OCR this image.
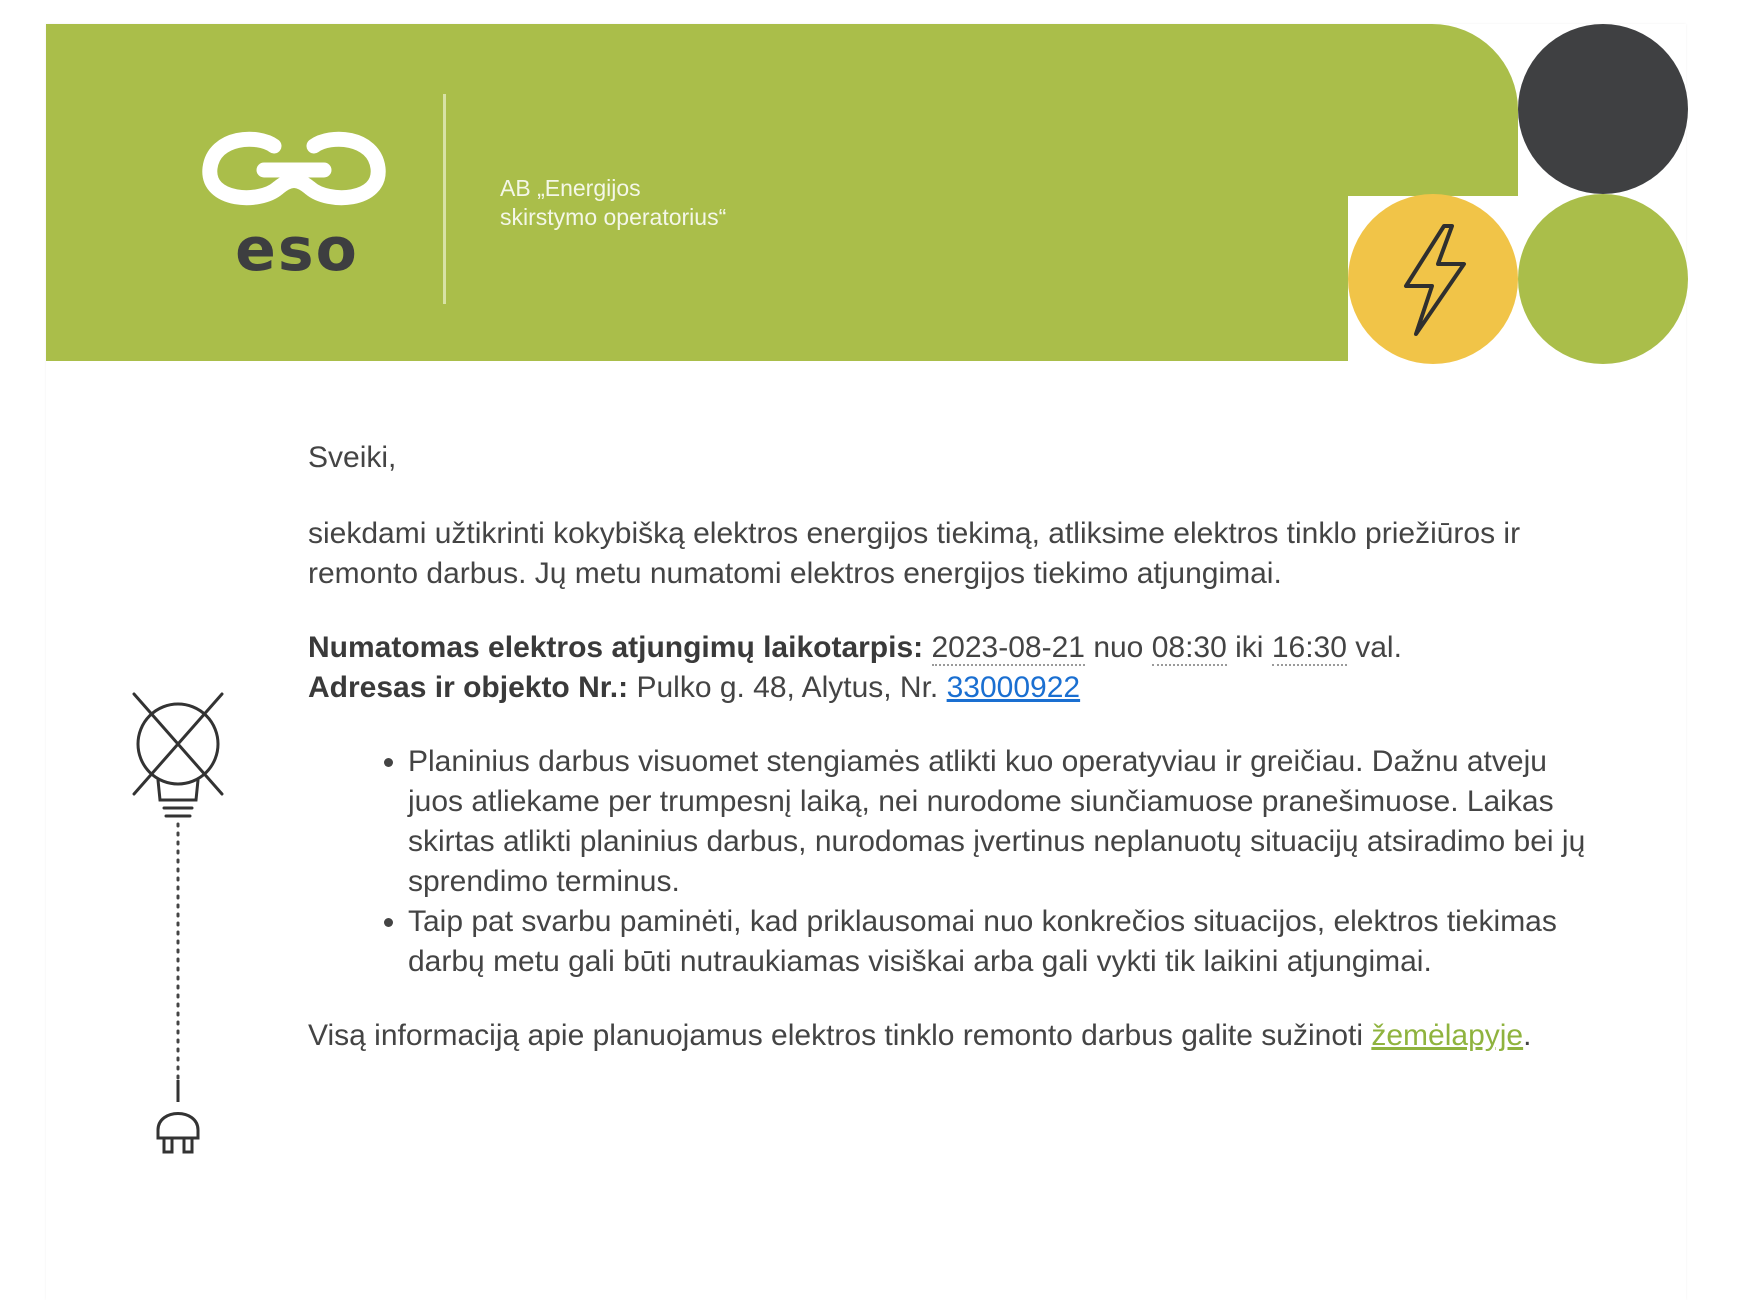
eso
AB „Energijos
skirstymo operatorius“

Sveiki,

siekdami užtikrinti kokybišką elektros energijos tiekimą, atliksime elektros tinklo priežiūros ir remonto darbus. Jų metu numatomi elektros energijos tiekimo atjungimai.

Numatomas elektros atjungimų laikotarpis: 2023-08-21 nuo 08:30 iki 16:30 val.

Adresas ir objekto Nr.: Pulko g. 48, Alytus, Nr. 33000922

• Planinius darbus visuomet stengiamės atlikti kuo operatyviau ir greičiau. Dažnu atveju juos atliekame per trumpesnį laiką, nei nurodome siunčiamuose pranešimuose. Laikas skirtas atlikti planinius darbus, nurodomas įvertinus neplanuotų situacijų atsiradimo bei jų sprendimo terminus.
• Taip pat svarbu paminėti, kad priklausomai nuo konkrečios situacijos, elektros tiekimas darbų metu gali būti nutraukiamas visiškai arba gali vykti tik laikini atjungimai.

Visą informaciją apie planuojamus elektros tinklo remonto darbus galite sužinoti žemėlapyje.
